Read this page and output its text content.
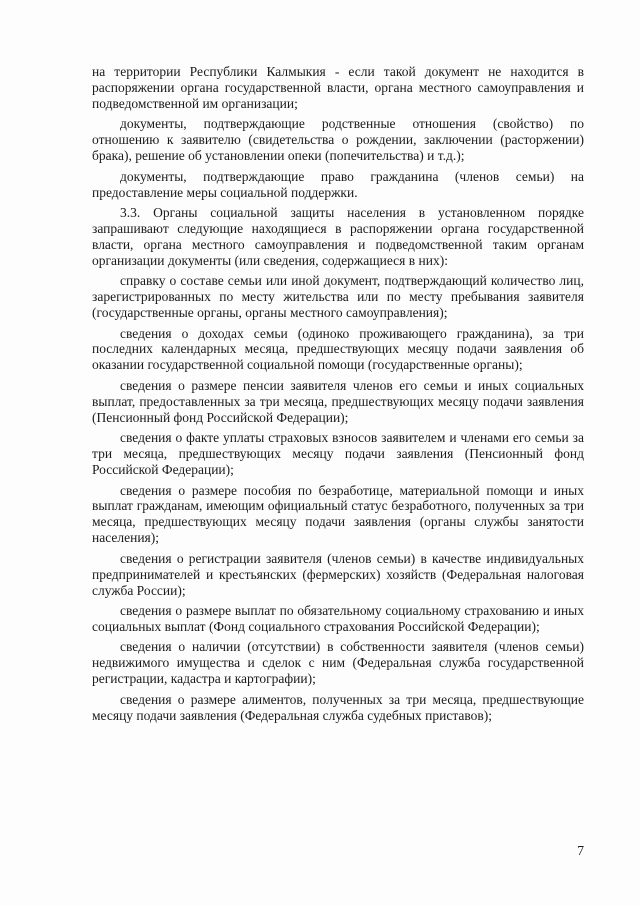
на территории Республики Калмыкия - если такой документ не находится в распоряжении органа государственной власти, органа местного самоуправления и подведомственной им организации;

документы, подтверждающие родственные отношения (свойство) по отношению к заявителю (свидетельства о рождении, заключении (расторжении) брака), решение об установлении опеки (попечительства) и т.д.);

документы, подтверждающие право гражданина (членов семьи) на предоставление меры социальной поддержки.

3.3. Органы социальной защиты населения в установленном порядке запрашивают следующие находящиеся в распоряжении органа государственной власти, органа местного самоуправления и подведомственной таким органам организации документы (или сведения, содержащиеся в них):

справку о составе семьи или иной документ, подтверждающий количество лиц, зарегистрированных по месту жительства или по месту пребывания заявителя (государственные органы, органы местного самоуправления);

сведения о доходах семьи (одиноко проживающего гражданина), за три последних календарных месяца, предшествующих месяцу подачи заявления об оказании государственной социальной помощи (государственные органы);

сведения о размере пенсии заявителя членов его семьи и иных социальных выплат, предоставленных за три месяца, предшествующих месяцу подачи заявления (Пенсионный фонд Российской Федерации);

сведения о факте уплаты страховых взносов заявителем и членами его семьи за три месяца, предшествующих месяцу подачи заявления (Пенсионный фонд Российской Федерации);

сведения о размере пособия по безработице, материальной помощи и иных выплат гражданам, имеющим официальный статус безработного, полученных за три месяца, предшествующих месяцу подачи заявления (органы службы занятости населения);

сведения о регистрации заявителя (членов семьи) в качестве индивидуальных предпринимателей и крестьянских (фермерских) хозяйств (Федеральная налоговая служба России);

сведения о размере выплат по обязательному социальному страхованию и иных социальных выплат (Фонд социального страхования Российской Федерации);

сведения о наличии (отсутствии) в собственности заявителя (членов семьи) недвижимого имущества и сделок с ним (Федеральная служба государственной регистрации, кадастра и картографии);

сведения о размере алиментов, полученных за три месяца, предшествующие месяцу подачи заявления (Федеральная служба судебных приставов);

7
